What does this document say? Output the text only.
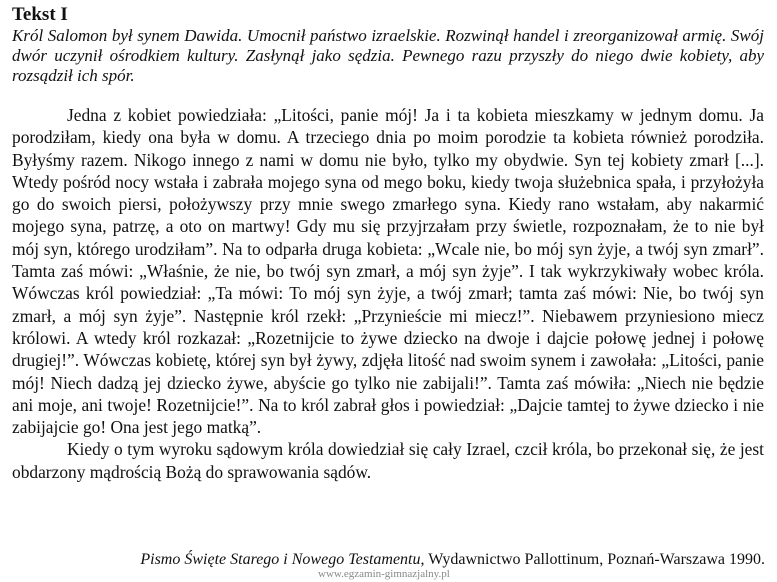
Tekst I

Król Salomon był synem Dawida. Umocnił państwo izraelskie. Rozwinął handel i zreorganizował armię. Swój dwór uczynił ośrodkiem kultury. Zasłynął jako sędzia. Pewnego razu przyszły do niego dwie kobiety, aby rozsądził ich spór.

Jedna z kobiet powiedziała: „Litości, panie mój! Ja i ta kobieta mieszkamy w jednym domu. Ja porodziłam, kiedy ona była w domu. A trzeciego dnia po moim porodzie ta kobieta również porodziła. Byłyśmy razem. Nikogo innego z nami w domu nie było, tylko my obydwie. Syn tej kobiety zmarł [...]. Wtedy pośród nocy wstała i zabrała mojego syna od mego boku, kiedy twoja służebnica spała, i przyłożyła go do swoich piersi, położywszy przy mnie swego zmarłego syna. Kiedy rano wstałam, aby nakarmić mojego syna, patrzę, a oto on martwy! Gdy mu się przyjrzałam przy świetle, rozpoznałam, że to nie był mój syn, którego urodziłam”. Na to odparła druga kobieta: „Wcale nie, bo mój syn żyje, a twój syn zmarł”. Tamta zaś mówi: „Właśnie, że nie, bo twój syn zmarł, a mój syn żyje”. I tak wykrzykiwały wobec króla. Wówczas król powiedział: „Ta mówi: To mój syn żyje, a twój zmarł; tamta zaś mówi: Nie, bo twój syn zmarł, a mój syn żyje”. Następnie król rzekł: „Przynieście mi miecz!”. Niebawem przyniesiono miecz królowi. A wtedy król rozkazał: „Rozetnijcie to żywe dziecko na dwoje i dajcie połowę jednej i połowę drugiej!”. Wówczas kobietę, której syn był żywy, zdjęła litość nad swoim synem i zawołała: „Litości, panie mój! Niech dadzą jej dziecko żywe, abyście go tylko nie zabijali!”. Tamta zaś mówiła: „Niech nie będzie ani moje, ani twoje! Rozetnijcie!”. Na to król zabrał głos i powiedział: „Dajcie tamtej to żywe dziecko i nie zabijajcie go! Ona jest jego matką”.

Kiedy o tym wyroku sądowym króla dowiedział się cały Izrael, czcił króla, bo przekonał się, że jest obdarzony mądrością Bożą do sprawowania sądów.

Pismo Święte Starego i Nowego Testamentu, Wydawnictwo Pallottinum, Poznań-Warszawa 1990.
www.egzamin-gimnazjalny.pl
